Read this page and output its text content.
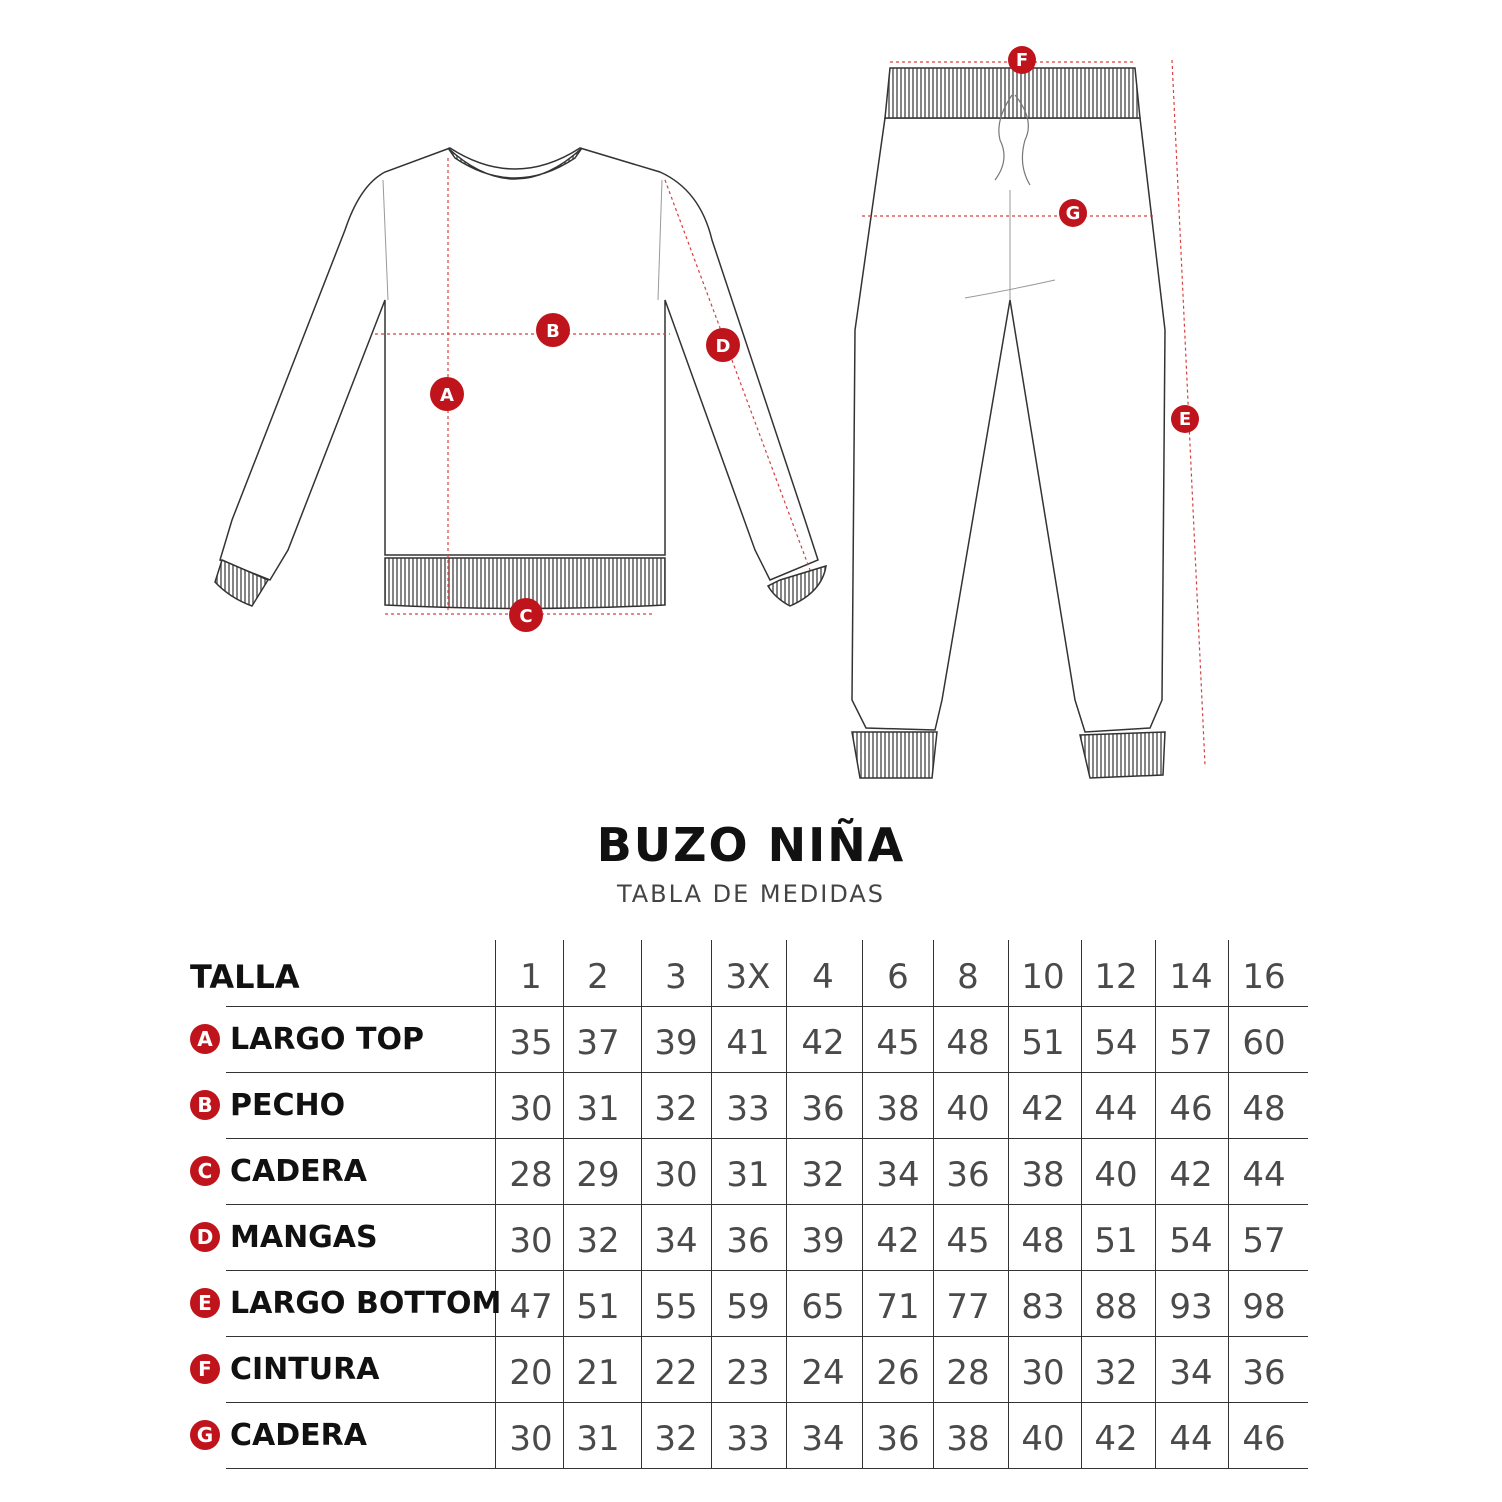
A
B
C
D
E
F
G
BUZO NIÑA
TABLA DE MEDIDAS
TALLA	1	2	3	3X	4	6	8	10 12 14 16
A LARGO TOP	35 37	39 41 42 45 48 51 54 57 60
B PECHO	30 31	32 33 36 38 40 42 44 46 48
C CADERA	28 29	30 31 32 34 36 38 40 42 44
D MANGAS	30 32	34 36 39 42 45 48 51 54 57
E LARGO BOTTOM 47 51	55 59 65 71 77 83 88 93 98
F CINTURA	20 21	22 23 24 26 28 30 32 34 36
G CADERA	30 31	32 33 34 36 38 40 42 44 46
